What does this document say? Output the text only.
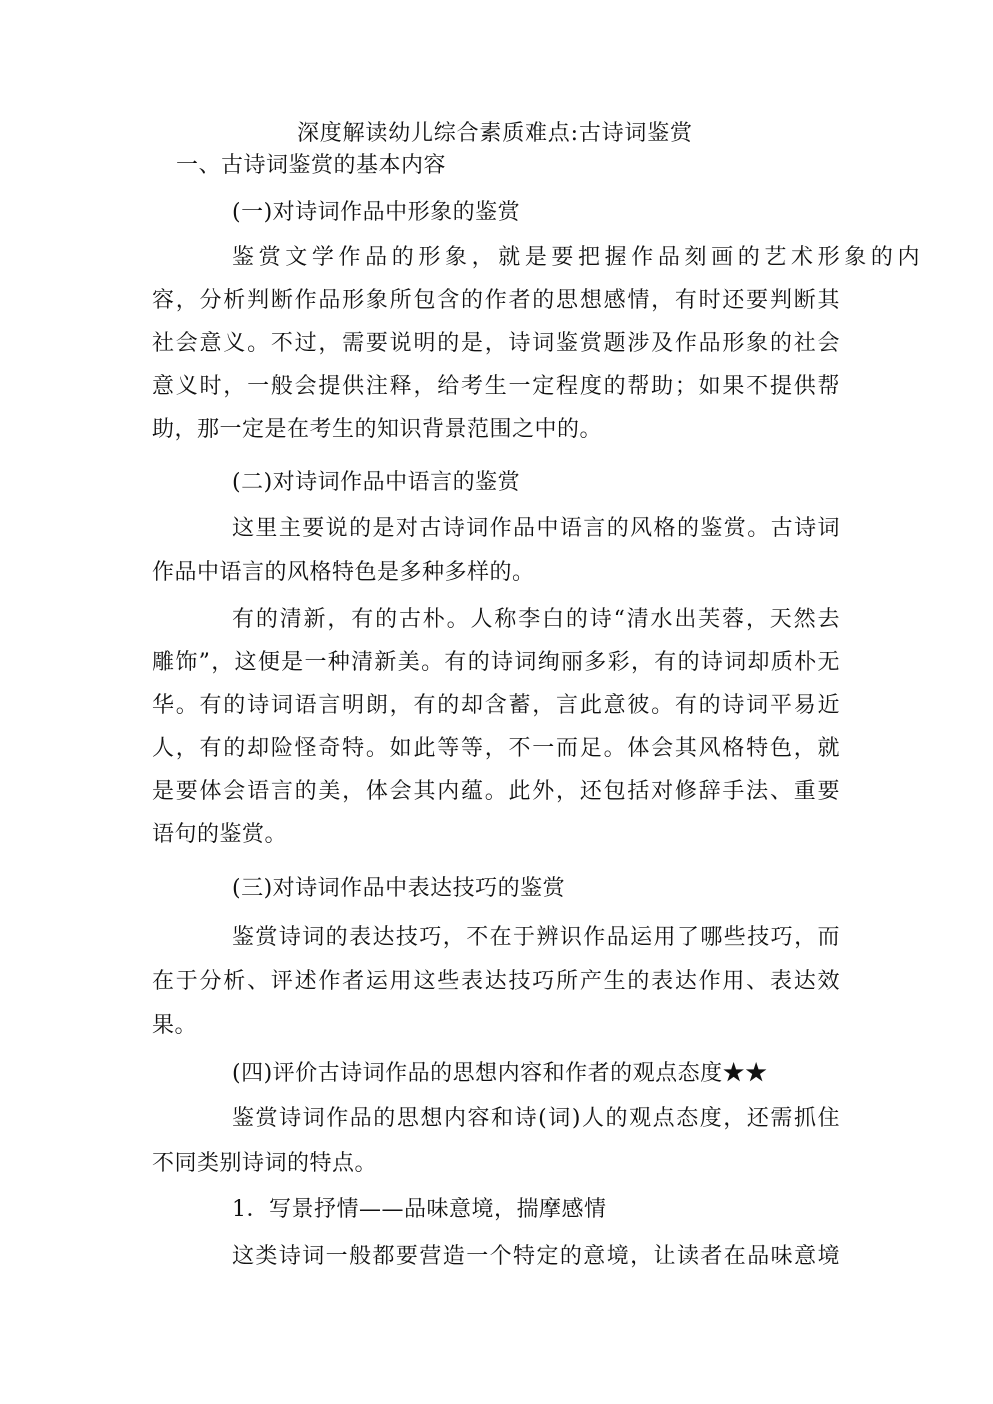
深度解读幼儿综合素质难点:古诗词鉴赏
一、古诗词鉴赏的基本内容
(一)对诗词作品中形象的鉴赏
鉴赏文学作品的形象，就是要把握作品刻画的艺术形象的内
容，分析判断作品形象所包含的作者的思想感情，有时还要判断其
社会意义。不过，需要说明的是，诗词鉴赏题涉及作品形象的社会
意义时，一般会提供注释，给考生一定程度的帮助；如果不提供帮
助，那一定是在考生的知识背景范围之中的。
(二)对诗词作品中语言的鉴赏
这里主要说的是对古诗词作品中语言的风格的鉴赏。古诗词
作品中语言的风格特色是多种多样的。
有的清新，有的古朴。人称李白的诗“清水出芙蓉，天然去
雕饰”，这便是一种清新美。有的诗词绚丽多彩，有的诗词却质朴无
华。有的诗词语言明朗，有的却含蓄，言此意彼。有的诗词平易近
人，有的却险怪奇特。如此等等，不一而足。体会其风格特色，就
是要体会语言的美，体会其内蕴。此外，还包括对修辞手法、重要
语句的鉴赏。
(三)对诗词作品中表达技巧的鉴赏
鉴赏诗词的表达技巧，不在于辨识作品运用了哪些技巧，而
在于分析、评述作者运用这些表达技巧所产生的表达作用、表达效
果。
(四)评价古诗词作品的思想内容和作者的观点态度★★
鉴赏诗词作品的思想内容和诗(词)人的观点态度，还需抓住
不同类别诗词的特点。
1．写景抒情——品味意境，揣摩感情
这类诗词一般都要营造一个特定的意境，让读者在品味意境
